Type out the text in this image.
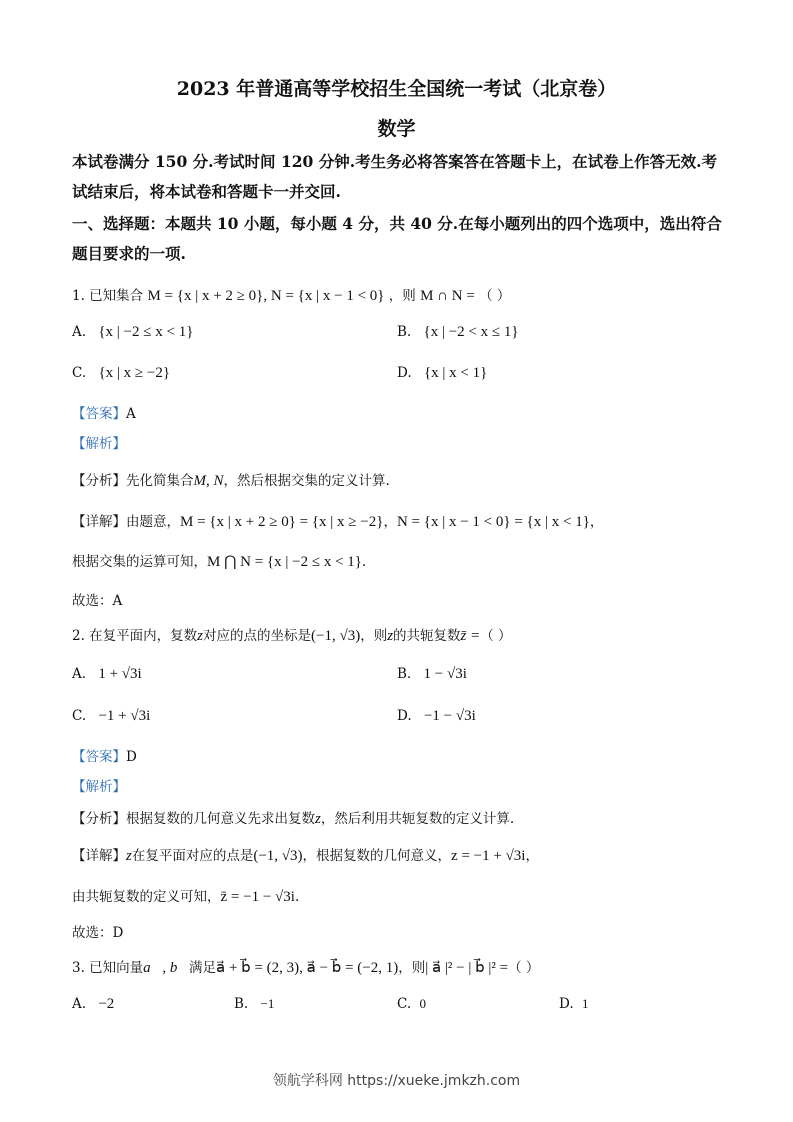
2023 年普通高等学校招生全国统一考试（北京卷）
数学
本试卷满分 150 分.考试时间 120 分钟.考生务必将答案答在答题卡上，在试卷上作答无效.考
试结束后，将本试卷和答题卡一并交回.
一、选择题：本题共 10 小题，每小题 4 分，共 40 分.在每小题列出的四个选项中，选出符合
题目要求的一项.
1. 已知集合 M = {x | x + 2 ≥ 0}, N = {x | x − 1 < 0} ，则 M ∩ N = （ ）
A. {x | −2 ≤ x < 1}	B. {x | −2 < x ≤ 1}
C. {x | x ≥ −2}	D. {x | x < 1}
【答案】A
【解析】
【分析】先化简集合M, N，然后根据交集的定义计算.
【详解】由题意，M = {x | x + 2 ≥ 0} = {x | x ≥ −2}，N = {x | x − 1 < 0} = {x | x < 1}，
根据交集的运算可知，M ⋂ N = {x | −2 ≤ x < 1}.
故选：A
2. 在复平面内，复数z对应的点的坐标是(−1, √3)，则z的共轭复数z̄ =（ ）
A. 1 + √3i	B. 1 − √3i
C. −1 + √3i	D. −1 − √3i
【答案】D
【解析】
【分析】根据复数的几何意义先求出复数z，然后利用共轭复数的定义计算.
【详解】z在复平面对应的点是(−1, √3)，根据复数的几何意义，z = −1 + √3i，
由共轭复数的定义可知，z̄ = −1 − √3i.
故选：D
3. 已知向量a⃗, b⃗满足a⃗ + b⃗ = (2, 3), a⃗ − b⃗ = (−2, 1)，则| a⃗ |² − | b⃗ |² =（ ）
A. −2	B. −1	C. 0	D. 1
领航学科网 https://xueke.jmkzh.com
